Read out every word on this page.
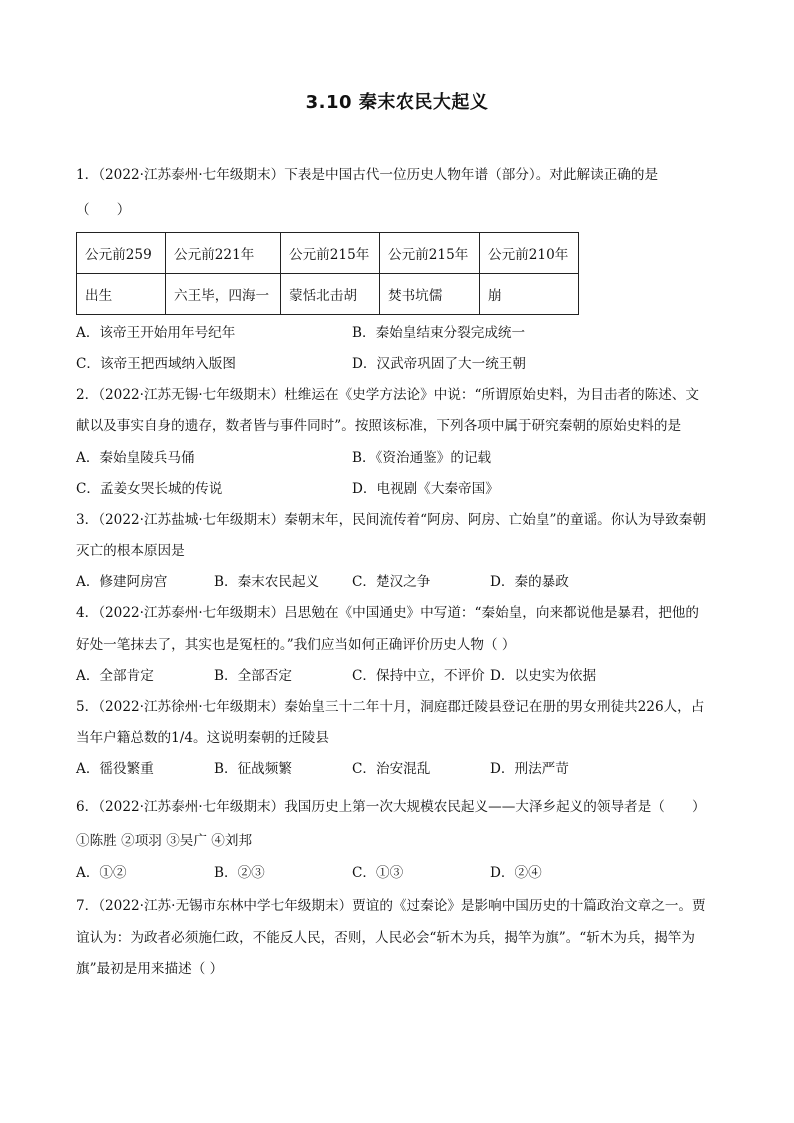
3.10 秦末农民大起义
1．（2022·江苏泰州·七年级期末）下表是中国古代一位历史人物年谱（部分）。对此解读正确的是
（　　）
公元前259	公元前221年	公元前215年	公元前215年	公元前210年
出生	六王毕，四海一	蒙恬北击胡	焚书坑儒	崩
A．该帝王开始用年号纪年	B．秦始皇结束分裂完成统一
C．该帝王把西域纳入版图	D．汉武帝巩固了大一统王朝
2．（2022·江苏无锡·七年级期末）杜维运在《史学方法论》中说：“所谓原始史料，为目击者的陈述、文
献以及事实自身的遗存，数者皆与事件同时”。按照该标准，下列各项中属于研究秦朝的原始史料的是
A．秦始皇陵兵马俑	B．《资治通鉴》的记载
C．孟姜女哭长城的传说	D．电视剧《大秦帝国》
3．（2022·江苏盐城·七年级期末）秦朝末年，民间流传着“阿房、阿房、亡始皇”的童谣。你认为导致秦朝
灭亡的根本原因是
A．修建阿房宫	B．秦末农民起义 C．楚汉之争	D．秦的暴政
4．（2022·江苏泰州·七年级期末）吕思勉在《中国通史》中写道：“秦始皇，向来都说他是暴君，把他的
好处一笔抹去了，其实也是冤枉的。”我们应当如何正确评价历史人物（ ）
A．全部肯定	B．全部否定	C．保持中立，不评价 D．以史实为依据
5．（2022·江苏徐州·七年级期末）秦始皇三十二年十月，洞庭郡迁陵县登记在册的男女刑徒共226人，占
当年户籍总数的1/4。这说明秦朝的迁陵县
A．徭役繁重	B．征战频繁	C．治安混乱	D．刑法严苛
6．（2022·江苏泰州·七年级期末）我国历史上第一次大规模农民起义——大泽乡起义的领导者是（　　）
①陈胜 ②项羽 ③吴广 ④刘邦
A．①②	B．②③	C．①③	D．②④
7．（2022·江苏·无锡市东林中学七年级期末）贾谊的《过秦论》是影响中国历史的十篇政治文章之一。贾
谊认为：为政者必须施仁政，不能反人民，否则，人民必会“斩木为兵，揭竿为旗”。“斩木为兵，揭竿为
旗”最初是用来描述（ ）
